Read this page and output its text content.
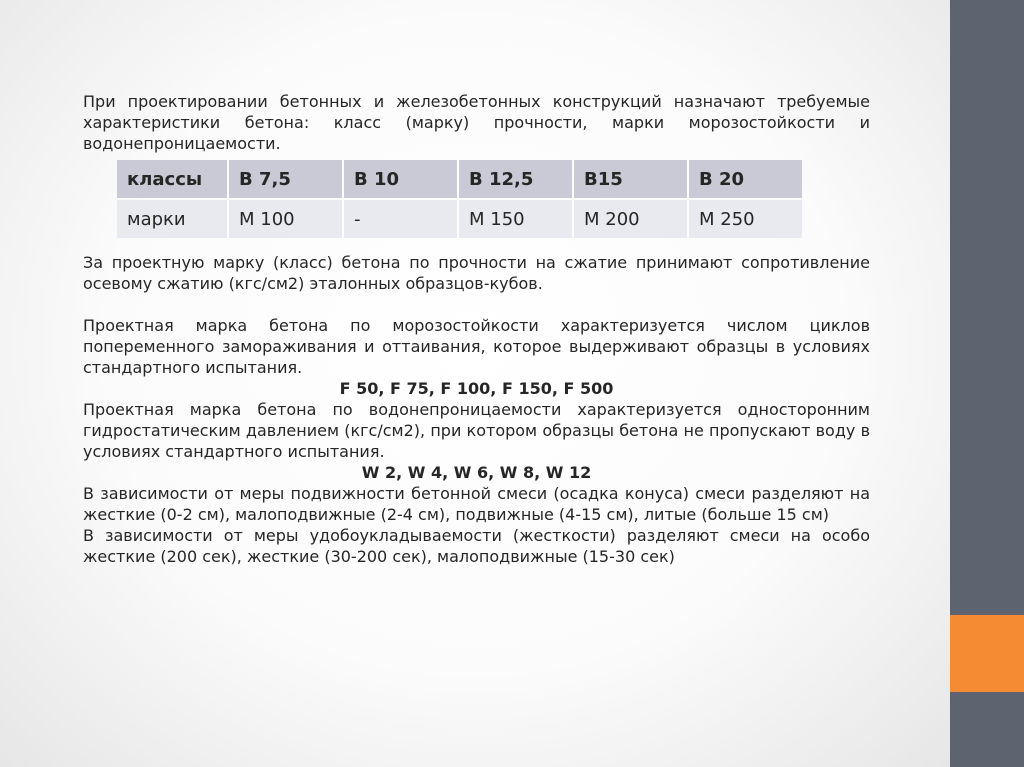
При проектировании бетонных и железобетонных конструкций назначают требуемые характеристики бетона: класс (марку) прочности, марки морозостойкости и водонепроницаемости.

классы	В 7,5	В 10	В 12,5	В15	В 20
марки	М 100	-	М 150	М 200	М 250

За проектную марку (класс) бетона по прочности на сжатие принимают сопротивление осевому сжатию (кгс/см2) эталонных образцов-кубов.

Проектная марка бетона по морозостойкости характеризуется числом циклов попеременного замораживания и оттаивания, которое выдерживают образцы в условиях стандартного испытания.

F 50, F 75, F 100, F 150, F 500

Проектная марка бетона по водонепроницаемости характеризуется односторонним гидростатическим давлением (кгс/см2), при котором образцы бетона не пропускают воду в условиях стандартного испытания.

W 2, W 4, W 6, W 8, W 12

В зависимости от меры подвижности бетонной смеси (осадка конуса) смеси разделяют на жесткие (0-2 см), малоподвижные (2-4 см), подвижные (4-15 см), литые (больше 15 см)

В зависимости от меры удобоукладываемости (жесткости) разделяют смеси на особо жесткие (200 сек), жесткие (30-200 сек), малоподвижные (15-30 сек)
